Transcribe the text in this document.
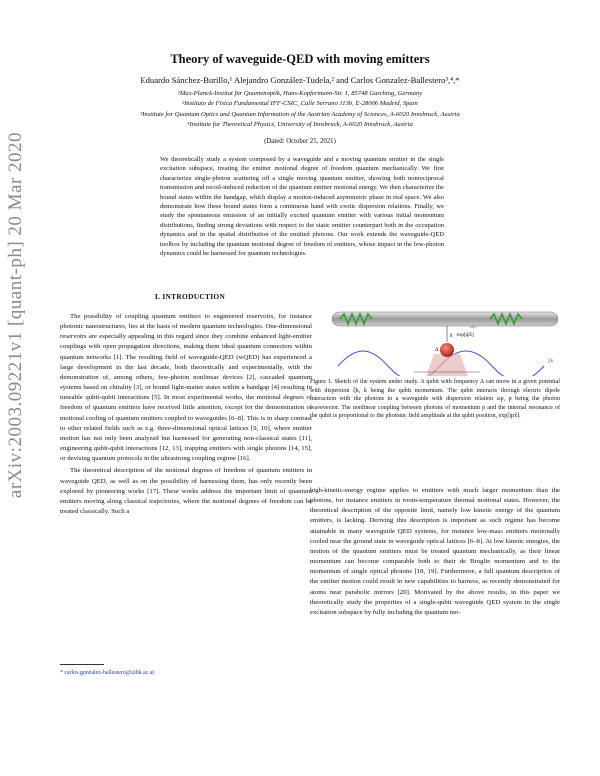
arXiv:2003.09221v1 [quant-ph] 20 Mar 2020
Theory of waveguide-QED with moving emitters
Eduardo Sánchez-Burillo,¹ Alejandro González-Tudela,² and Carlos Gonzalez-Ballestero³,⁴,*
¹Max-Planck-Institut für Quantenoptik, Hans-Kopfermann-Str. 1, 85748 Garching, Germany
²Instituto de Física Fundamental IFF-CSIC, Calle Serrano 113b, E-28006 Madrid, Spain
³Institute for Quantum Optics and Quantum Information of the Austrian Academy of Sciences, A-6020 Innsbruck, Austria
⁴Institute for Theoretical Physics, University of Innsbruck, A-6020 Innsbruck, Austria
(Dated: October 25, 2021)
We theoretically study a system composed by a waveguide and a moving quantum emitter in the single excitation subspace, treating the emitter motional degree of freedom quantum mechanically. We first characterize single-photon scattering off a single moving quantum emitter, showing both nonreciprocal transmission and recoil-induced reduction of the quantum emitter motional energy. We then characterize the bound states within the bandgap, which display a motion-induced asymmetric phase in real space. We also demonstrate how these bound states form a continuous band with exotic dispersion relations. Finally, we study the spontaneous emission of an initially excited quantum emitter with various initial momentum distributions, finding strong deviations with respect to the static emitter counterpart both in the occupation dynamics and in the spatial distribution of the emitted photons. Our work extends the waveguide-QED toolbox by including the quantum motional degree of freedom of emitters, whose impact in the few-photon dynamics could be harnessed for quantum technologies.
I. INTRODUCTION

The possibility of coupling quantum emitters to engineered reservoirs, for instance photonic nanostructures, lies at the basis of modern quantum technologies. One-dimensional reservoirs are especially appealing in this regard since they combine enhanced light-emitter couplings with open propagation directions, making them ideal quantum connectors within quantum networks [1]. The resulting field of waveguide-QED (wQED) has experienced a large development in the last decade, both theoretically and experimentally, with the demonstration of, among others, few-photon nonlinear devices [2], cascaded quantum systems based on chirality [3], or bound light-matter states within a bandgap [4] resulting in tuneable qubit-qubit interactions [5]. In most experimental works, the motional degrees of freedom of quantum emitters have received little attention, except for the demonstration of motional cooling of quantum emitters coupled to waveguides [6–8]. This is in sharp contrast to other related fields such as e.g. three-dimensional optical lattices [9, 10], where emitter motion has not only been analyzed but harnessed for generating non-classical states [11], engineering qubit-qubit interactions [12, 13], trapping emitters with single photons [14, 15], or devising quantum protocols in the ultrastrong coupling regime [16].

The theoretical description of the motional degrees of freedom of quantum emitters in waveguide QED, as well as on the possibility of harnessing them, has only recently been explored by pioneering works [17]. These works address the important limit of quantum emitters moving along classical trajectories, where the motional degrees of freedom can be treated classically. Such a

g · exp[ipx̂]
Δ
ωp
ξk
Figure 1. Sketch of the system under study. A qubit with frequency Δ can move in a given potential with dispersion ξk, k being the qubit momentum. The qubit interacts through electric dipole interaction with the photons in a waveguide with dispersion relation ωp, p being the photon wavevector. The nonlinear coupling between photons of momentum p and the internal resonance of the qubit is proportional to the photonic field amplitude at the qubit position, exp[ipx̂].
high-kinetic-energy regime applies to emitters with much larger momentum than the photons, for instance emitters in room-temperature thermal motional states. However, the theoretical description of the opposite limit, namely low kinetic energy of the quantum emitters, is lacking. Deriving this description is important as such regime has become attainable in many waveguide QED systems, for instance low-mass emitters motionally cooled near the ground state in waveguide optical lattices [6–8]. At low kinetic energies, the motion of the quantum emitters must be treated quantum mechanically, as their linear momentum can become comparable both to their de Broglie momentum and to the momentum of single optical photons [18, 19]. Furthermore, a full quantum description of the emitter motion could result in new capabilities to harness, as recently demonstrated for atoms near parabolic mirrors [20]. Motivated by the above results, in this paper we theoretically study the properties of a single-qubit waveguide QED system in the single excitation subspace by fully including the quantum mo-
* carlos.gonzalez-ballestero@uibk.ac.at
